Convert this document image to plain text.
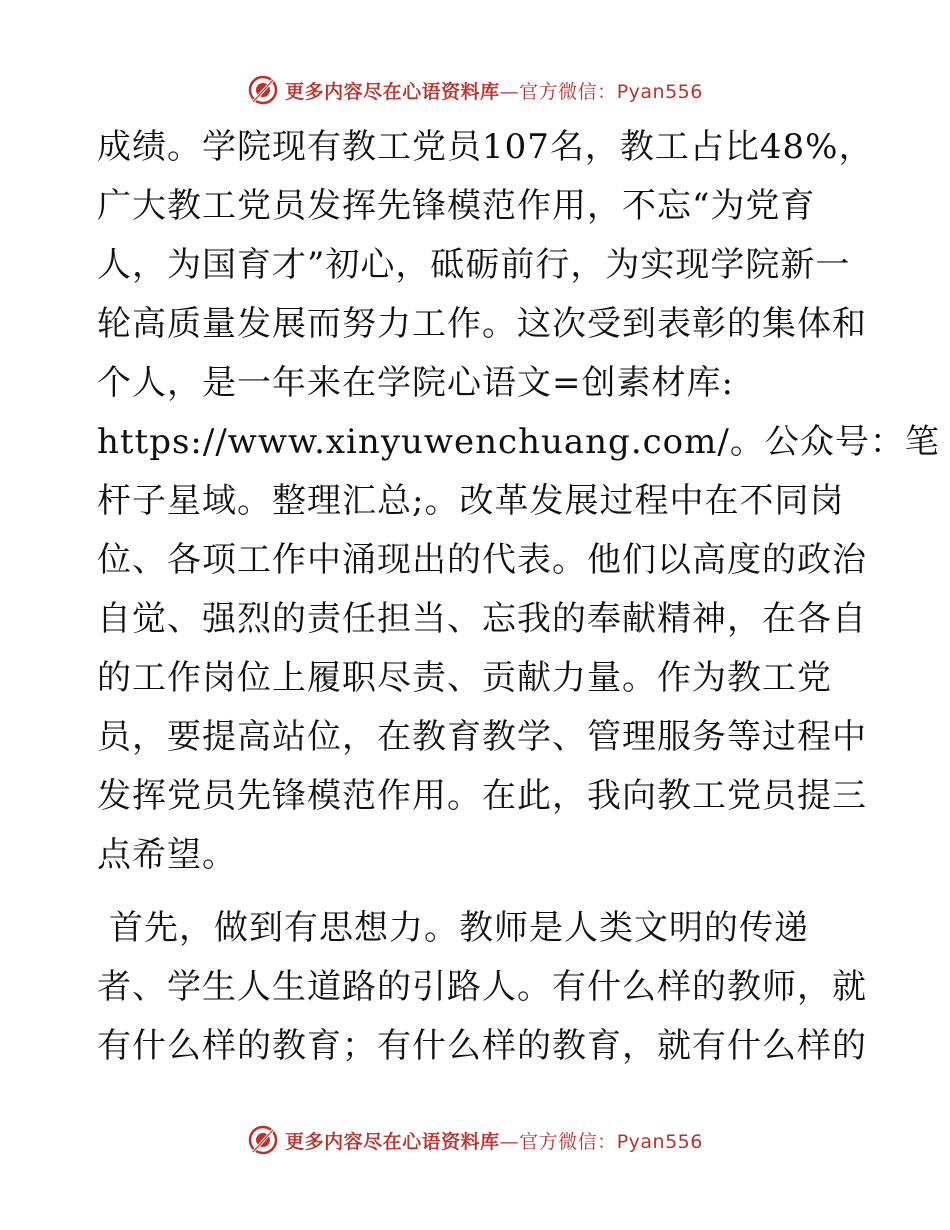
更多内容尽在心语资料库—官方微信：Pyan556

成绩。学院现有教工党员107名，教工占比48%，
广大教工党员发挥先锋模范作用，不忘“为党育
人，为国育才”初心，砥砺前行，为实现学院新一
轮高质量发展而努力工作。这次受到表彰的集体和
个人，是一年来在学院心语文=创素材库:
https://www.xinyuwenchuang.com/。公众号：笔
杆子星域。整理汇总;。改革发展过程中在不同岗
位、各项工作中涌现出的代表。他们以高度的政治
自觉、强烈的责任担当、忘我的奉献精神，在各自
的工作岗位上履职尽责、贡献力量。作为教工党
员，要提高站位，在教育教学、管理服务等过程中
发挥党员先锋模范作用。在此，我向教工党员提三
点希望。

首先，做到有思想力。教师是人类文明的传递
者、学生人生道路的引路人。有什么样的教师，就
有什么样的教育；有什么样的教育，就有什么样的

更多内容尽在心语资料库—官方微信：Pyan556
